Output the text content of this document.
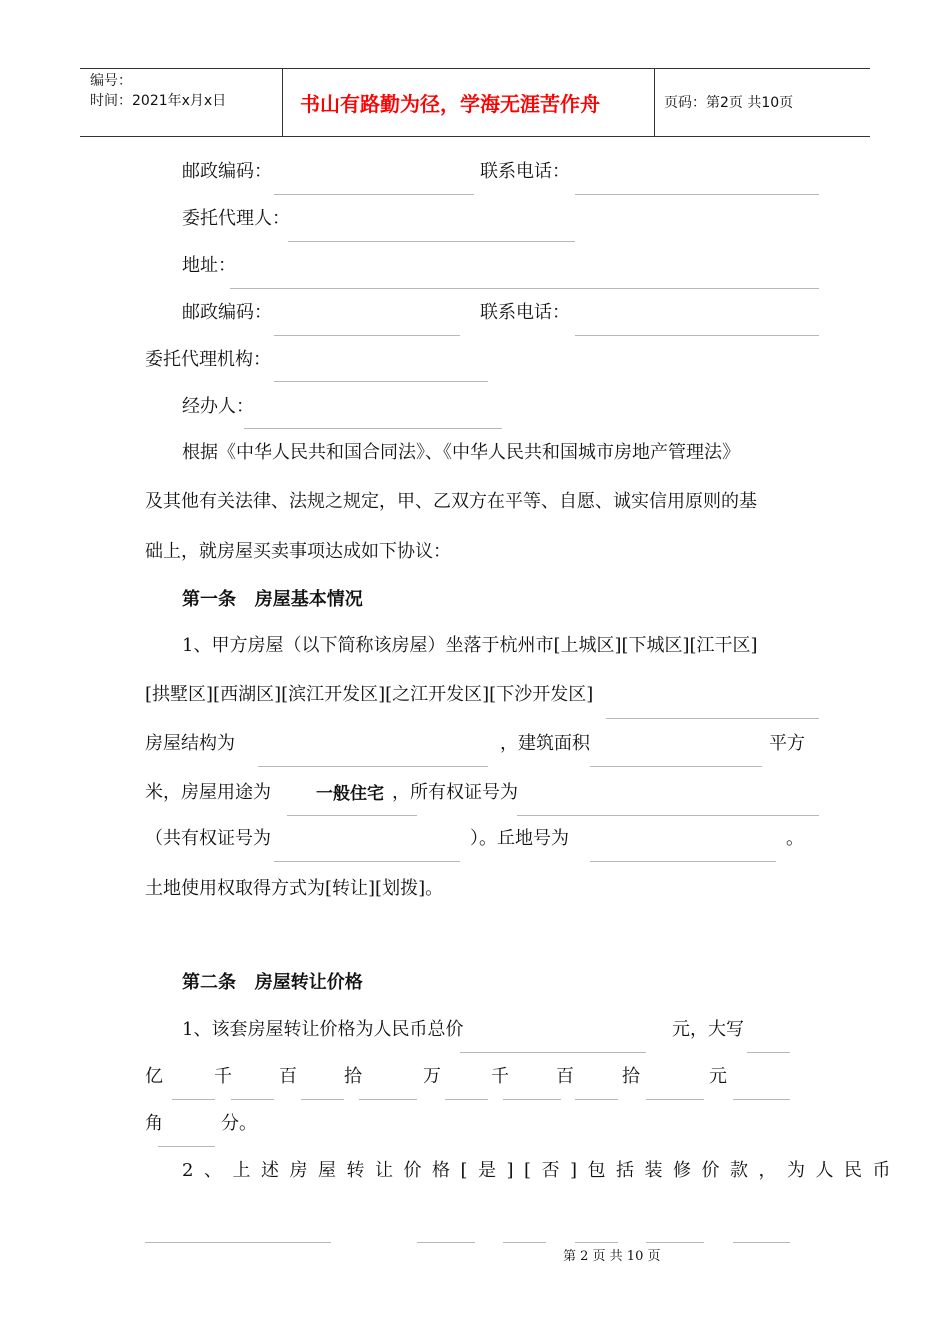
编号：
时间：2021年x月x日	书山有路勤为径，学海无涯苦作舟	页码：第2页 共10页
邮政编码：	联系电话：
委托代理人：
地址：
邮政编码：	联系电话：
委托代理机构：
经办人：
根据《中华人民共和国合同法》、《中华人民共和国城市房地产管理法》
及其他有关法律、法规之规定，甲、乙双方在平等、自愿、诚实信用原则的基
础上，就房屋买卖事项达成如下协议：
第一条   房屋基本情况
1、甲方房屋（以下简称该房屋）坐落于杭州市[上城区][下城区][江干区]
[拱墅区][西湖区][滨江开发区][之江开发区][下沙开发区]
房屋结构为	，建筑面积	平方
米，房屋用途为	一般住宅 ，所有权证号为
（共有权证号为	）。丘地号为	。
土地使用权取得方式为[转让][划拨]。
第二条   房屋转让价格
1、该套房屋转让价格为人民币总价	元，大写
亿	千	百	拾	万	千	百	拾	元
角	分。
2、上述房屋转让价格[是][否]包括装修价款，为人民币
第 2 页 共 10 页
